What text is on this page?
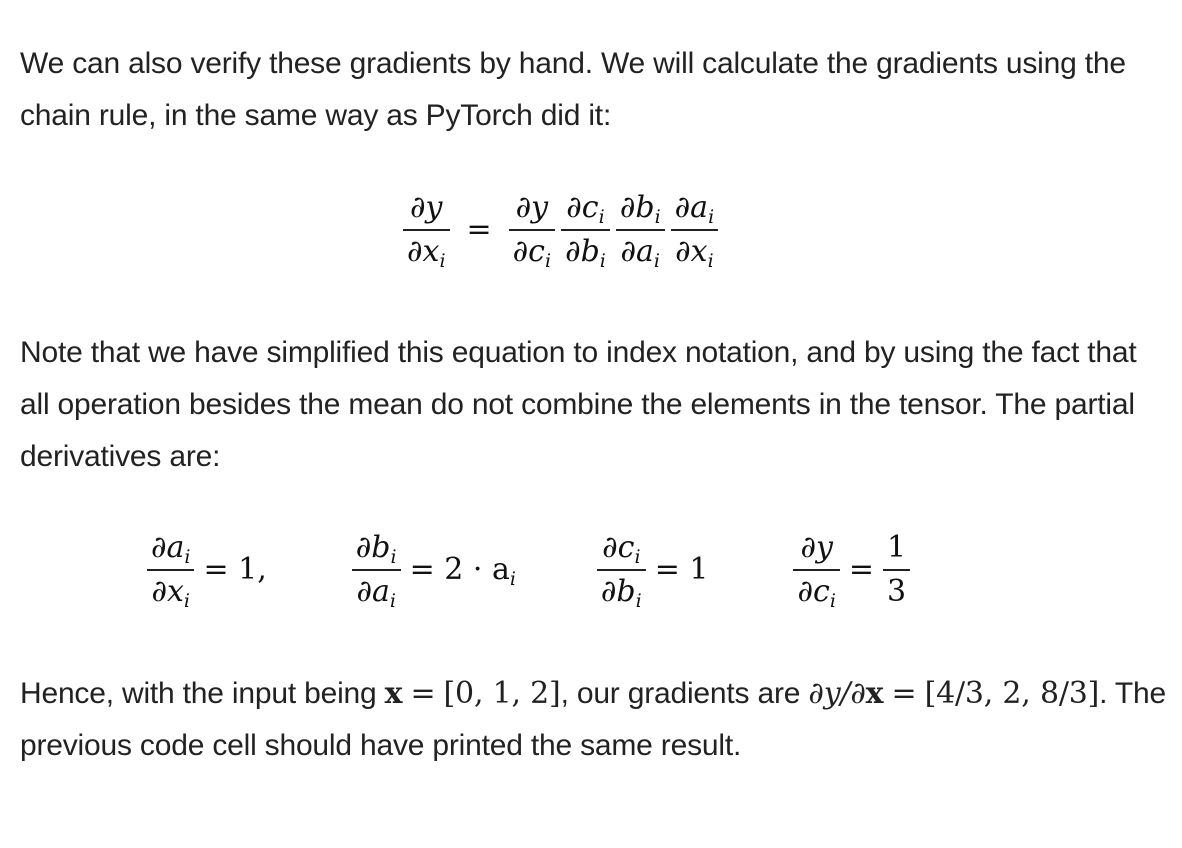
We can also verify these gradients by hand. We will calculate the gradients using the chain rule, in the same way as PyTorch did it:
$\frac{\partial y}{\partial x_i} = \frac{\partial y}{\partial c_i} \frac{\partial c_i}{\partial b_i} \frac{\partial b_i}{\partial a_i} \frac{\partial a_i}{\partial x_i}$
Note that we have simplified this equation to index notation, and by using the fact that all operation besides the mean do not combine the elements in the tensor. The partial derivatives are:
$\frac{\partial a_i}{\partial x_i} = 1$,	$\frac{\partial b_i}{\partial a_i} = 2 \cdot a_i$	$\frac{\partial c_i}{\partial b_i} = 1$	$\frac{\partial y}{\partial c_i} = \frac{1}{3}$
Hence, with the input being x = [0, 1, 2], our gradients are ∂y/∂x = [4/3, 2, 8/3]. The previous code cell should have printed the same result.
